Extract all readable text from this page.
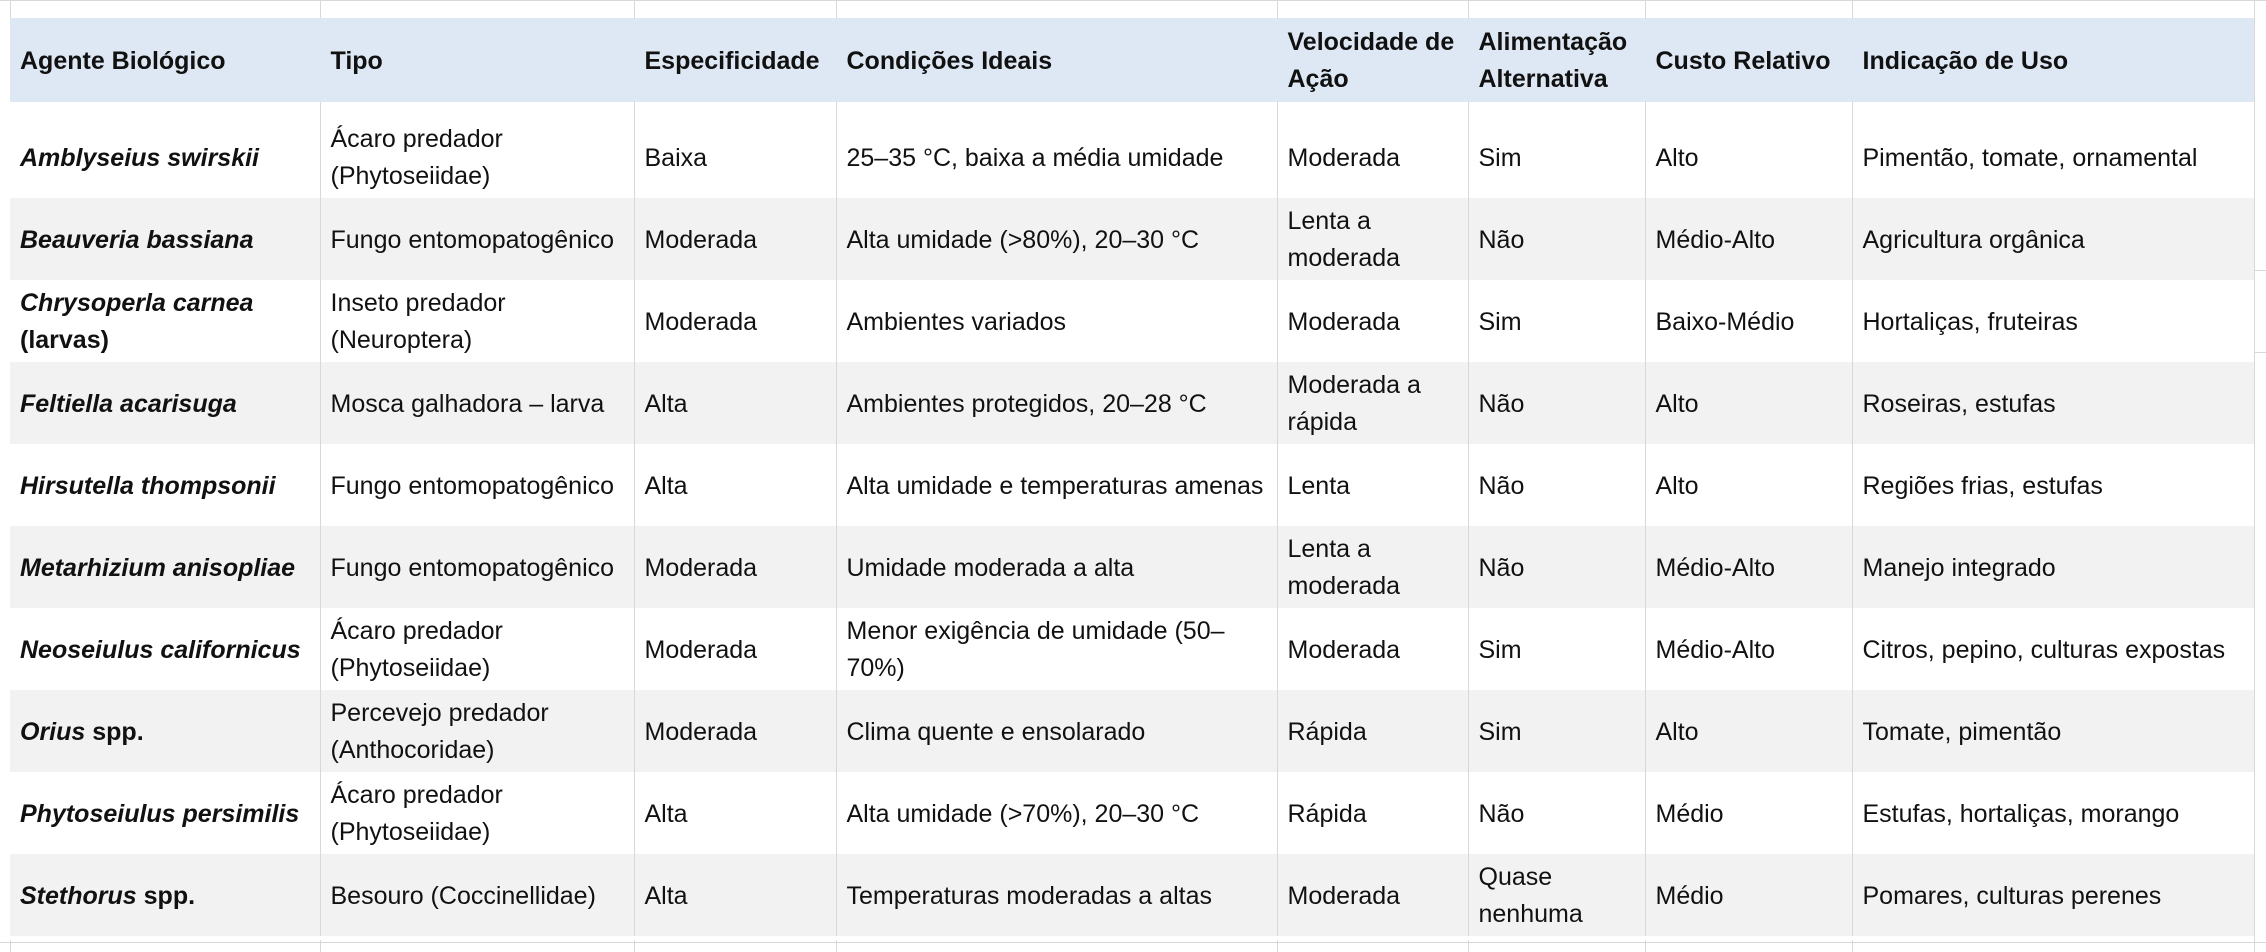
Agente Biológico	Tipo	Especificidade	Condições Ideais	Velocidade de Ação	Alimentação Alternativa	Custo Relativo	Indicação de Uso

Amblyseius swirskii	Ácaro predador (Phytoseiidae)	Baixa	25–35 °C, baixa a média umidade	Moderada	Sim	Alto	Pimentão, tomate, ornamental
Beauveria bassiana	Fungo entomopatogênico	Moderada	Alta umidade (>80%), 20–30 °C	Lenta a moderada	Não	Médio-Alto	Agricultura orgânica
Chrysoperla carnea (larvas)	Inseto predador (Neuroptera)	Moderada	Ambientes variados	Moderada	Sim	Baixo-Médio	Hortaliças, fruteiras
Feltiella acarisuga	Mosca galhadora – larva	Alta	Ambientes protegidos, 20–28 °C	Moderada a rápida	Não	Alto	Roseiras, estufas
Hirsutella thompsonii	Fungo entomopatogênico	Alta	Alta umidade e temperaturas amenas	Lenta	Não	Alto	Regiões frias, estufas
Metarhizium anisopliae	Fungo entomopatogênico	Moderada	Umidade moderada a alta	Lenta a moderada	Não	Médio-Alto	Manejo integrado
Neoseiulus californicus	Ácaro predador (Phytoseiidae)	Moderada	Menor exigência de umidade (50–70%)	Moderada	Sim	Médio-Alto	Citros, pepino, culturas expostas
Orius spp.	Percevejo predador (Anthocoridae)	Moderada	Clima quente e ensolarado	Rápida	Sim	Alto	Tomate, pimentão
Phytoseiulus persimilis	Ácaro predador (Phytoseiidae)	Alta	Alta umidade (>70%), 20–30 °C	Rápida	Não	Médio	Estufas, hortaliças, morango
Stethorus spp.	Besouro (Coccinellidae)	Alta	Temperaturas moderadas a altas	Moderada	Quase nenhuma	Médio	Pomares, culturas perenes
